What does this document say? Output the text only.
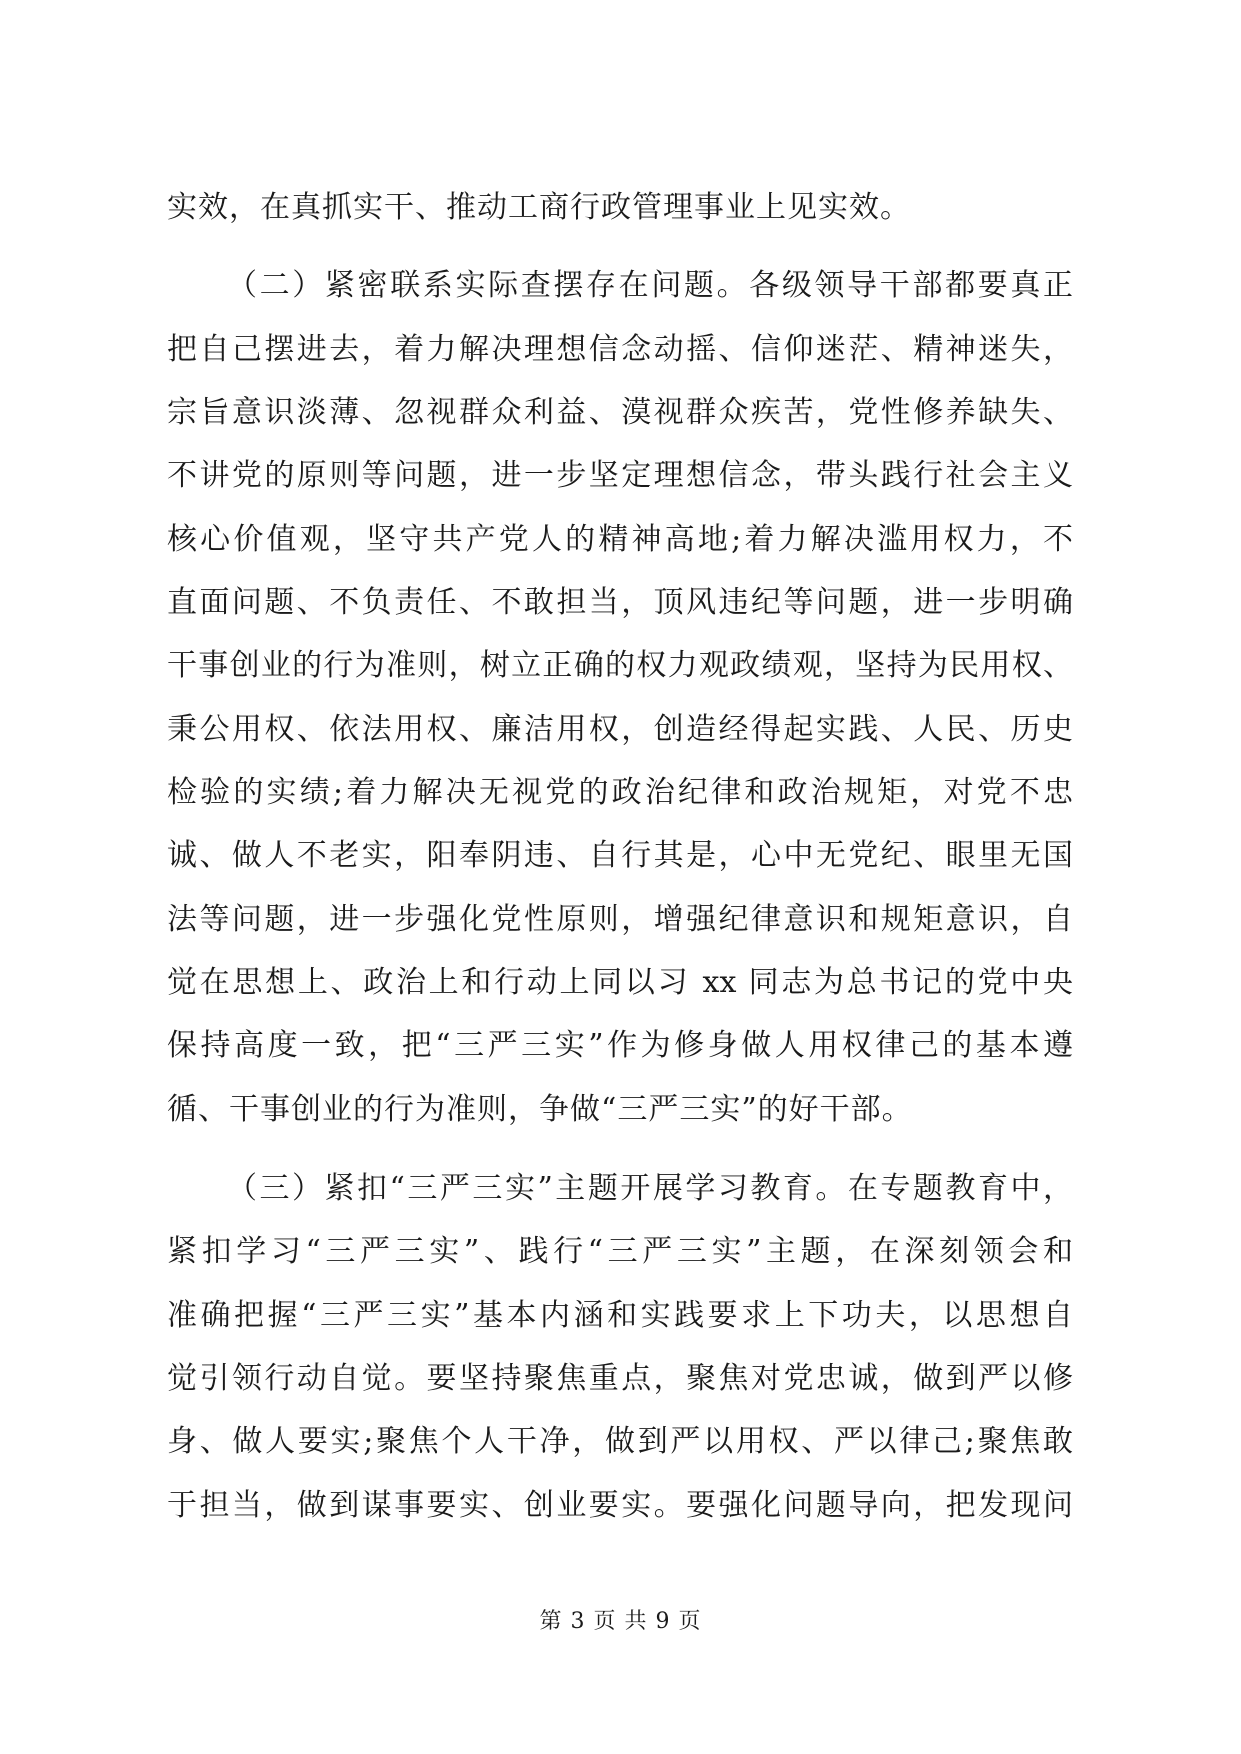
实效，在真抓实干、推动工商行政管理事业上见实效。
（二）紧密联系实际查摆存在问题。各级领导干部都要真正
把自己摆进去，着力解决理想信念动摇、信仰迷茫、精神迷失，
宗旨意识淡薄、忽视群众利益、漠视群众疾苦，党性修养缺失、
不讲党的原则等问题，进一步坚定理想信念，带头践行社会主义
核心价值观，坚守共产党人的精神高地;着力解决滥用权力，不
直面问题、不负责任、不敢担当，顶风违纪等问题，进一步明确
干事创业的行为准则，树立正确的权力观政绩观，坚持为民用权、
秉公用权、依法用权、廉洁用权，创造经得起实践、人民、历史
检验的实绩;着力解决无视党的政治纪律和政治规矩，对党不忠
诚、做人不老实，阳奉阴违、自行其是，心中无党纪、眼里无国
法等问题，进一步强化党性原则，增强纪律意识和规矩意识，自
觉在思想上、政治上和行动上同以习 xx 同志为总书记的党中央
保持高度一致，把“三严三实”作为修身做人用权律己的基本遵
循、干事创业的行为准则，争做“三严三实”的好干部。
（三）紧扣“三严三实”主题开展学习教育。在专题教育中，
紧扣学习“三严三实”、践行“三严三实”主题，在深刻领会和
准确把握“三严三实”基本内涵和实践要求上下功夫，以思想自
觉引领行动自觉。要坚持聚焦重点，聚焦对党忠诚，做到严以修
身、做人要实;聚焦个人干净，做到严以用权、严以律己;聚焦敢
于担当，做到谋事要实、创业要实。要强化问题导向，把发现问
第 3 页 共 9 页
